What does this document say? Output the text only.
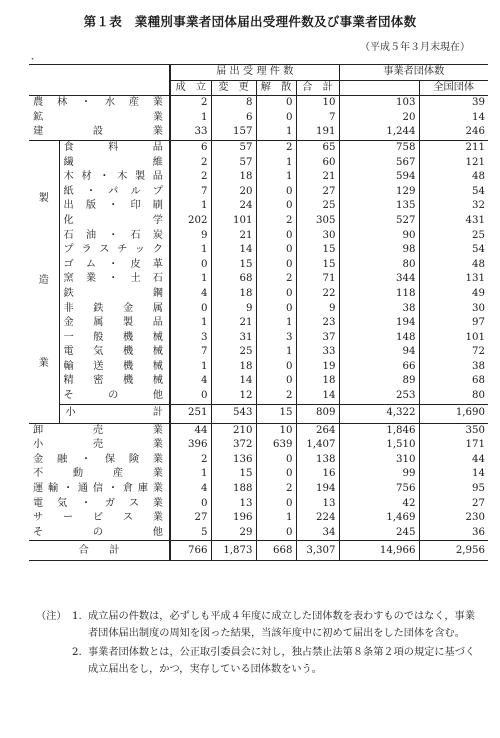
第１表　業種別事業者団体届出受理件数及び事業者団体数
（平成５年３月末現在）
・
		届 出 受 理 件 数				事業者団体数	
		成　立	変　更	解　散	合　計		全国団体
農林・水産業		2	8	0	10	103	39
鉱業		1	6	0	7	20	14
建設業		33	157	1	191	1,244	246

製
造
業	食料品	6	57	2	65	758	211
	繊維	2	57	1	60	567	121
	木材・木製品	2	18	1	21	594	48
	紙・パルプ	7	20	0	27	129	54
	出版・印刷	1	24	0	25	135	32
	化学	202	101	2	305	527	431
	石油・石炭	9	21	0	30	90	25
	プラスチック	1	14	0	15	98	54
	ゴム・皮革	0	15	0	15	80	48
	窯業・土石	1	68	2	71	344	131
	鉄鋼	4	18	0	22	118	49
	非鉄金属	0	9	0	9	38	30
	金属製品	1	21	1	23	194	97
	一般機械	3	31	3	37	148	101
	電気機械	7	25	1	33	94	72
	輸送機械	1	18	0	19	66	38
	精密機械	4	14	0	18	89	68
	その他	0	12	2	14	253	80
	小計	251	543	15	809	4,322	1,690
卸売業		44	210	10	264	1,846	350
小売業		396	372	639	1,407	1,510	171
金融・保険業		2	136	0	138	310	44
不動産業		1	15	0	16	99	14
運輸・通信・倉庫業		4	188	2	194	756	95
電気・ガス業		0	13	0	13	42	27
サービス業		27	196	1	224	1,469	230
その他		5	29	0	34	245	36
合　　計		766	1,873	668	3,307	14,966	2,956
（注） 1. 成立届の件数は，必ずしも平成４年度に成立した団体数を表わすものではなく，事業者団体届出制度の周知を図った結果，当該年度中に初めて届出をした団体を含む。
2. 事業者団体数とは，公正取引委員会に対し，独占禁止法第８条第２項の規定に基づく成立届出をし，かつ，実存している団体数をいう。
